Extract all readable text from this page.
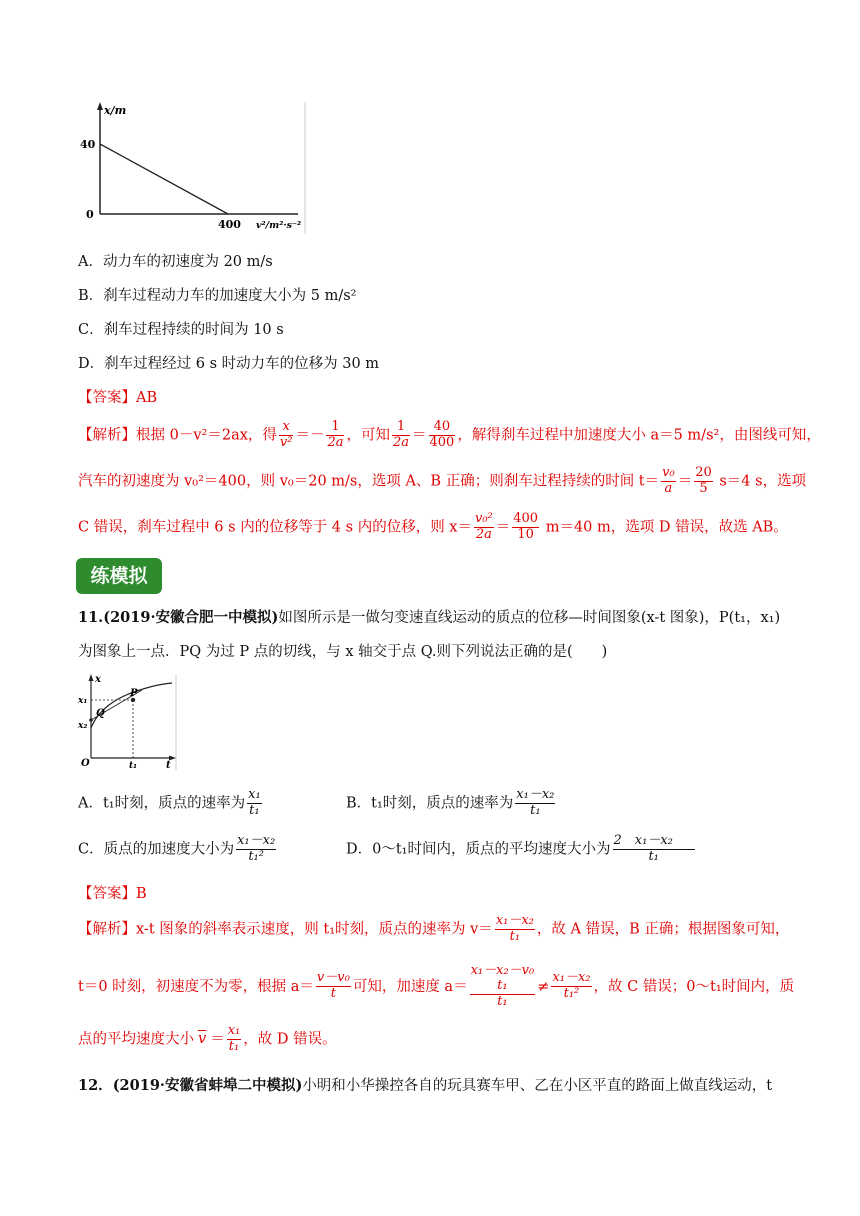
x/m
40
0
400 v²/m²·s⁻²
A．动力车的初速度为 20 m/s
B．刹车过程动力车的加速度大小为 5 m/s²
C．刹车过程持续的时间为 10 s
D．刹车过程经过 6 s 时动力车的位移为 30 m
【答案】AB
【解析】根据 0－v²＝2ax，得 $\frac{x}{\text{v²}} =- \frac{1}{2a}$ ，可知 $\frac{1}{2a} = \frac{40}{400}$ ，解得刹车过程中加速度大小 a＝5 m/s²，由图线可知，
汽车的初速度为 v₀²＝400，则 v₀＝20 m/s，选项 A、B 正确；则刹车过程持续的时间 $t= \frac{\text{v₀}}{a} = \frac{20}{5} s=4$ s，选项
C 错误，刹车过程中 6 s 内的位移等于 4 s 内的位移，则 $x= \frac{\text{v₀²}}{2a} = \frac{400}{10} m=40$ m，选项 D 错误，故选 AB。
练模拟
11.(2019·安徽合肥一中模拟)如图所示是一做匀变速直线运动的质点的位移—时间图象(x-t 图象)，P(t₁，x₁)
为图象上一点．PQ 为过 P 点的切线，与 x 轴交于点 Q.则下列说法正确的是(　　)
x
x₁
x₂
P
Q
O	t₁	t
A．t₁时刻，质点的速率为 $\frac{\text{x₁}}{\text{t₁}}$	B．t₁时刻，质点的速率为 $\frac{\text{x₁－x₂}}{\text{t₁}}$
C．质点的加速度大小为 $\frac{\text{x₁－x₂}}{\text{t₁²}}$	D．0～t₁时间内，质点的平均速度大小为 $\frac{\text{2　x₁－x₂}}{\text{t₁}}$
【答案】B
【解析】x-t 图象的斜率表示速度，则 t₁时刻，质点的速率为 $v= \frac{\text{x₁－x₂}}{\text{t₁}}$ ，故 A 错误，B 正确；根据图象可知，
t＝0 时刻，初速度不为零，根据 $a= \frac{\text{v－v₀}}{t}$ 可知，加速度 a＝
x₁－x₂－v₀
t₁
t₁
≠ $\frac{\text{x₁－x₂}}{\text{t₁²}}$ ，故 C 错误；0～t₁时间内，质
点的平均速度大小 $\overline{v} = \frac{\text{x₁}}{\text{t₁}}$ ，故 D 错误。
12．(2019·安徽省蚌埠二中模拟)小明和小华操控各自的玩具赛车甲、乙在小区平直的路面上做直线运动，t
